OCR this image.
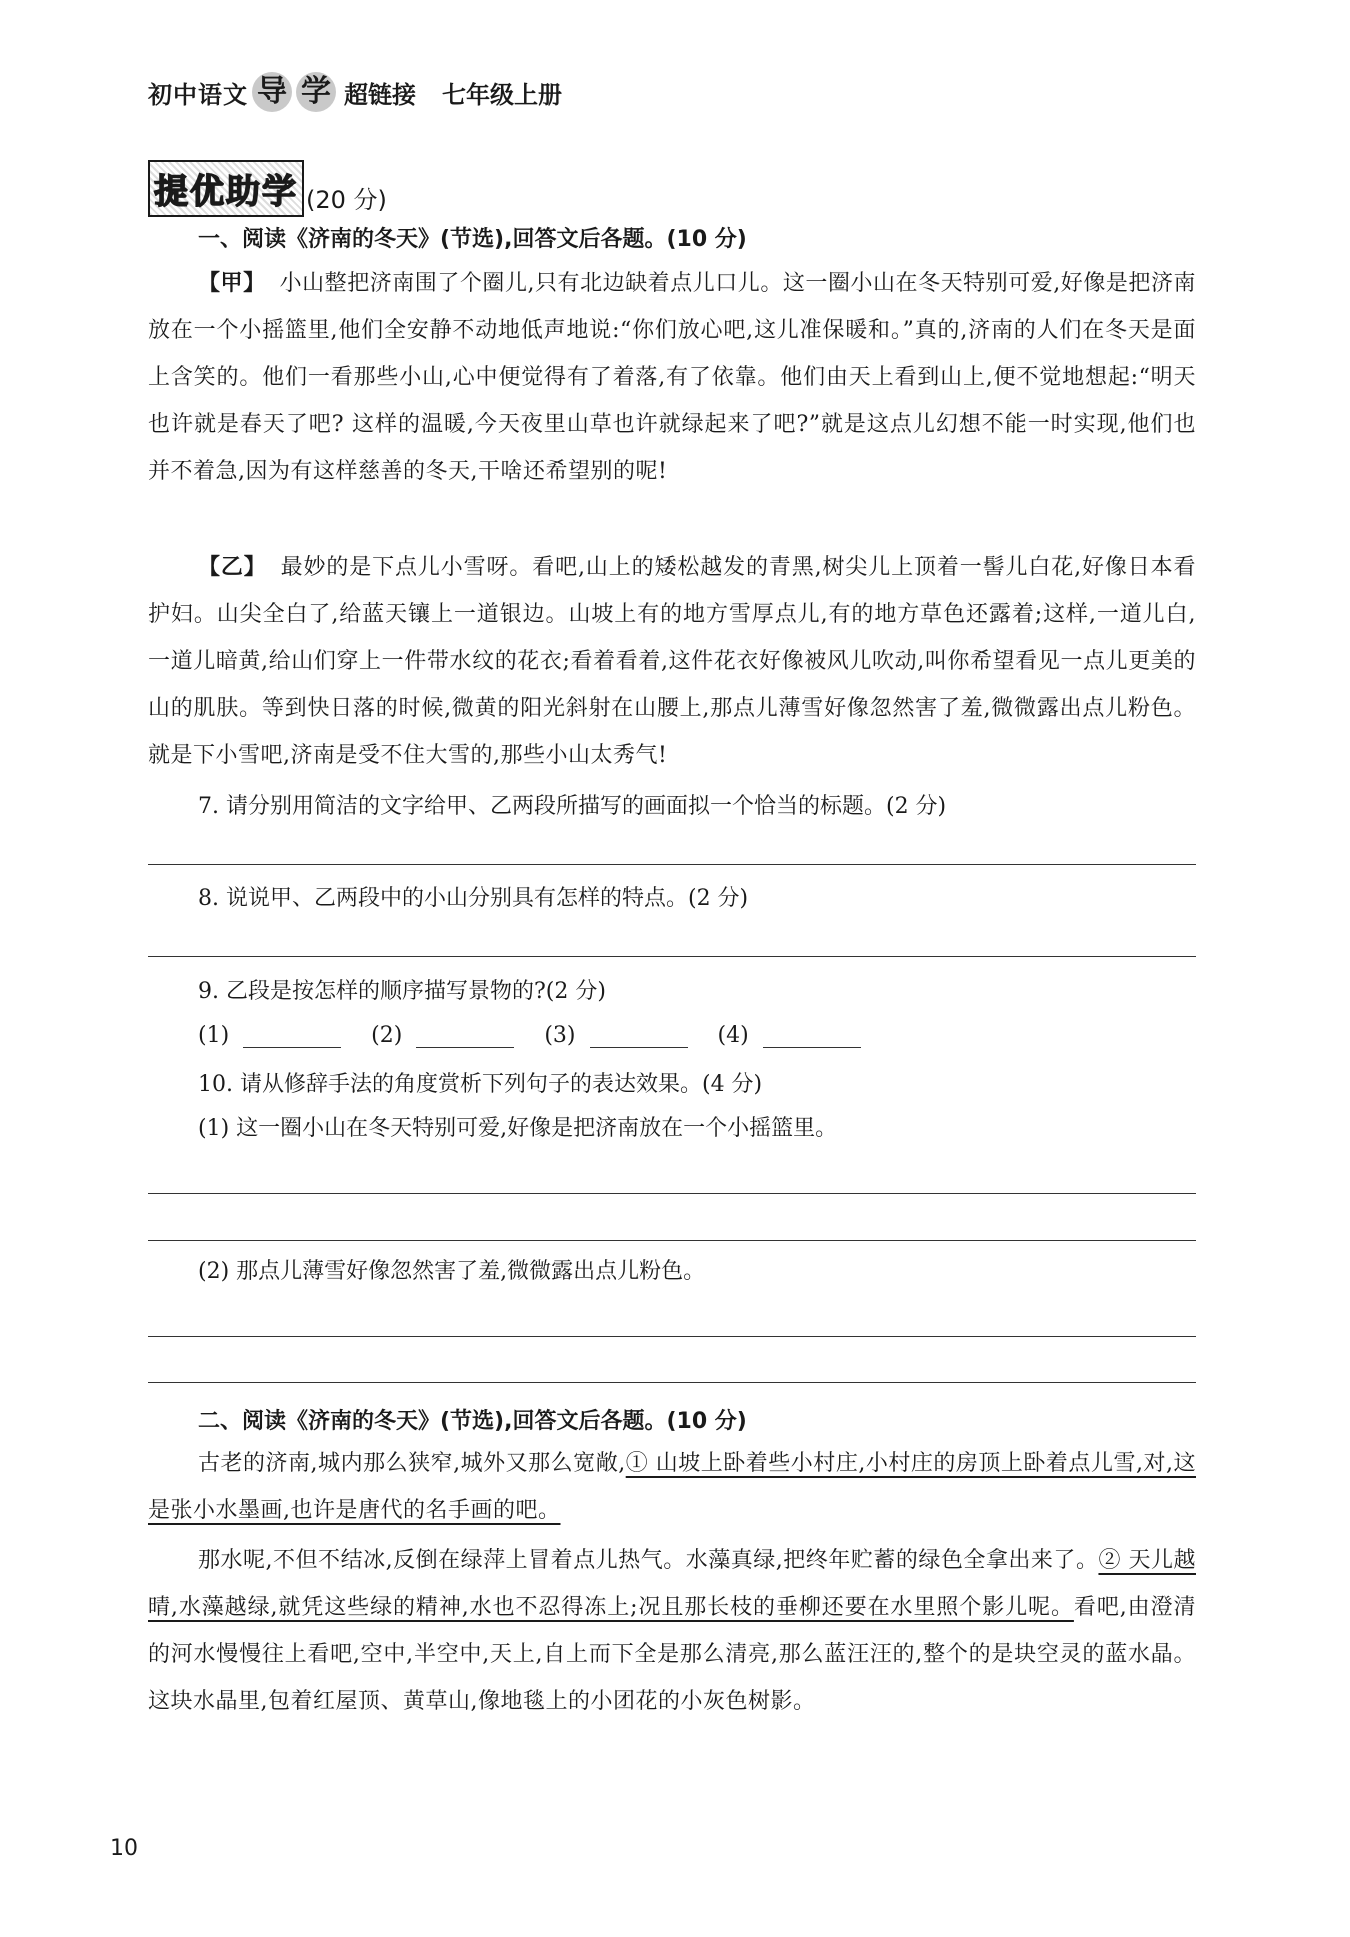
初中语文 导 学 超链接 七年级上册
提优助学 (20 分)
一、阅读《济南的冬天》(节选),回答文后各题。(10 分)
【甲】 小山整把济南围了个圈儿,只有北边缺着点儿口儿。这一圈小山在冬天特别可爱,好像是把济南放在一个小摇篮里,他们全安静不动地低声地说:“你们放心吧,这儿准保暖和。”真的,济南的人们在冬天是面上含笑的。他们一看那些小山,心中便觉得有了着落,有了依靠。他们由天上看到山上,便不觉地想起:“明天也许就是春天了吧? 这样的温暖,今天夜里山草也许就绿起来了吧?”就是这点儿幻想不能一时实现,他们也并不着急,因为有这样慈善的冬天,干啥还希望别的呢!
【乙】 最妙的是下点儿小雪呀。看吧,山上的矮松越发的青黑,树尖儿上顶着一髻儿白花,好像日本看护妇。山尖全白了,给蓝天镶上一道银边。山坡上有的地方雪厚点儿,有的地方草色还露着;这样,一道儿白,一道儿暗黄,给山们穿上一件带水纹的花衣;看着看着,这件花衣好像被风儿吹动,叫你希望看见一点儿更美的山的肌肤。等到快日落的时候,微黄的阳光斜射在山腰上,那点儿薄雪好像忽然害了羞,微微露出点儿粉色。就是下小雪吧,济南是受不住大雪的,那些小山太秀气!
7. 请分别用简洁的文字给甲、乙两段所描写的画面拟一个恰当的标题。(2 分)
8. 说说甲、乙两段中的小山分别具有怎样的特点。(2 分)
9. 乙段是按怎样的顺序描写景物的?(2 分)
(1)	(2)	(3)	(4)
10. 请从修辞手法的角度赏析下列句子的表达效果。(4 分)
(1) 这一圈小山在冬天特别可爱,好像是把济南放在一个小摇篮里。
(2) 那点儿薄雪好像忽然害了羞,微微露出点儿粉色。
二、阅读《济南的冬天》(节选),回答文后各题。(10 分)
古老的济南,城内那么狭窄,城外又那么宽敞,① 山坡上卧着些小村庄,小村庄的房顶上卧着点儿雪,对,这是张小水墨画,也许是唐代的名手画的吧。
那水呢,不但不结冰,反倒在绿萍上冒着点儿热气。水藻真绿,把终年贮蓄的绿色全拿出来了。② 天儿越晴,水藻越绿,就凭这些绿的精神,水也不忍得冻上;况且那长枝的垂柳还要在水里照个影儿呢。看吧,由澄清的河水慢慢往上看吧,空中,半空中,天上,自上而下全是那么清亮,那么蓝汪汪的,整个的是块空灵的蓝水晶。这块水晶里,包着红屋顶、黄草山,像地毯上的小团花的小灰色树影。
10
